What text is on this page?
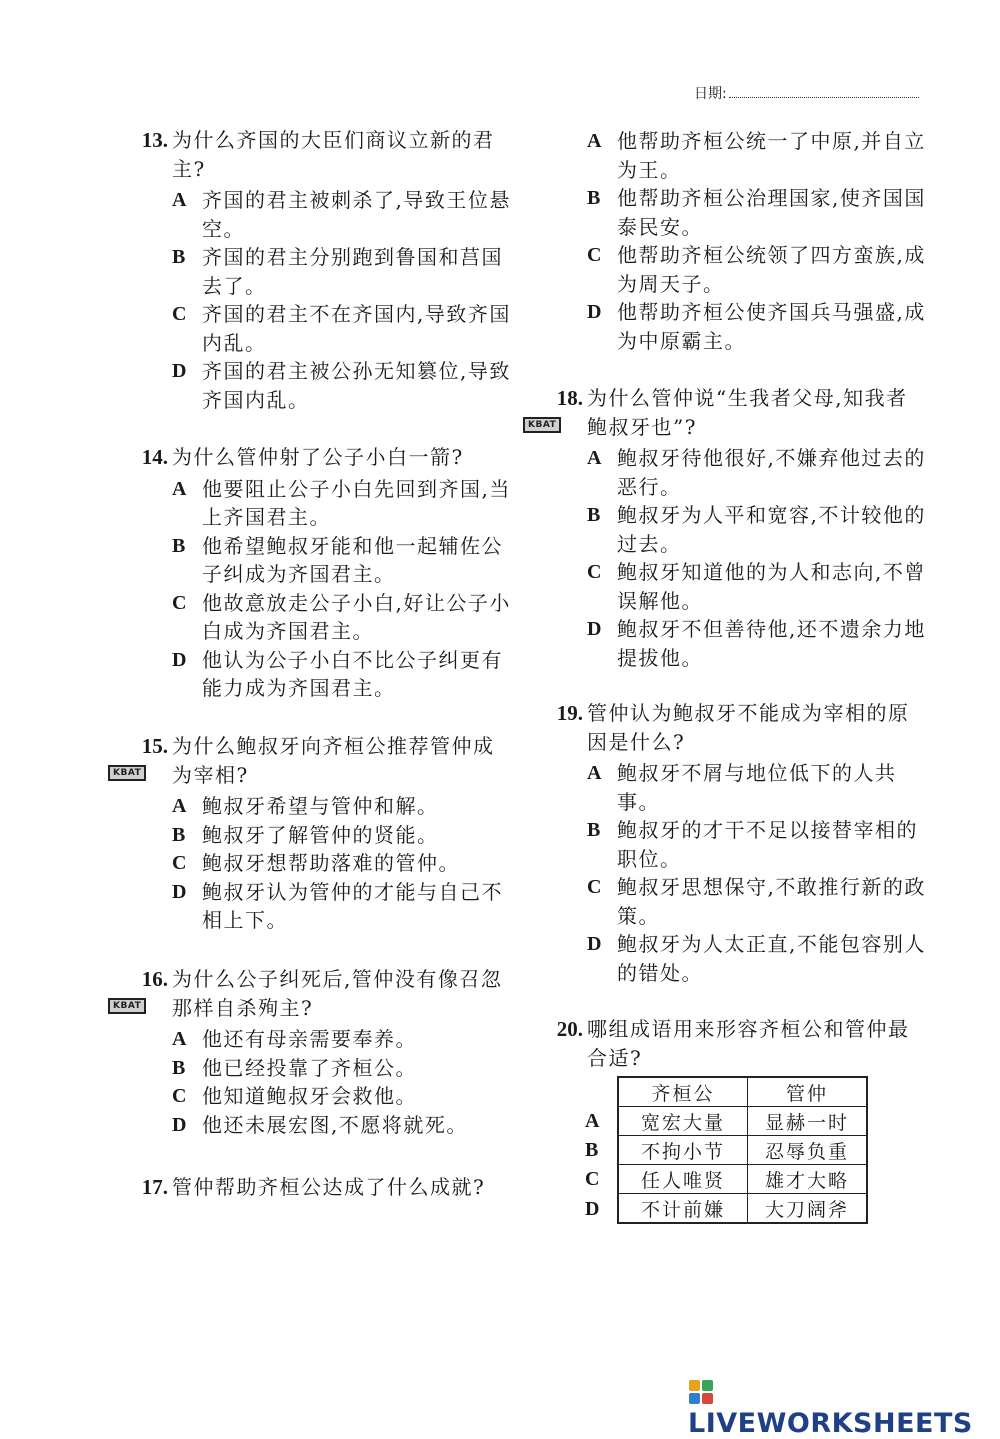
日期:
13. 为什么齐国的大臣们商议立新的君主?

A 齐国的君主被刺杀了,导致王位悬空。
B 齐国的君主分别跑到鲁国和莒国去了。
C 齐国的君主不在齐国内,导致齐国内乱。
D 齐国的君主被公孙无知篡位,导致齐国内乱。
14. 为什么管仲射了公子小白一箭?

A 他要阻止公子小白先回到齐国,当上齐国君主。
B 他希望鲍叔牙能和他一起辅佐公子纠成为齐国君主。
C 他故意放走公子小白,好让公子小白成为齐国君主。
D 他认为公子小白不比公子纠更有能力成为齐国君主。
15.
KBAT

为什么鲍叔牙向齐桓公推荐管仲成为宰相?

A 鲍叔牙希望与管仲和解。
B 鲍叔牙了解管仲的贤能。
C 鲍叔牙想帮助落难的管仲。
D 鲍叔牙认为管仲的才能与自己不相上下。
16.
KBAT

为什么公子纠死后,管仲没有像召忽那样自杀殉主?

A 他还有母亲需要奉养。
B 他已经投靠了齐桓公。
C 他知道鲍叔牙会救他。
D 他还未展宏图,不愿将就死。
17. 管仲帮助齐桓公达成了什么成就?

A 他帮助齐桓公统一了中原,并自立为王。
B 他帮助齐桓公治理国家,使齐国国泰民安。
C 他帮助齐桓公统领了四方蛮族,成为周天子。
D 他帮助齐桓公使齐国兵马强盛,成为中原霸主。
18.
KBAT

为什么管仲说“生我者父母,知我者鲍叔牙也”?

A 鲍叔牙待他很好,不嫌弃他过去的恶行。
B 鲍叔牙为人平和宽容,不计较他的过去。
C 鲍叔牙知道他的为人和志向,不曾误解他。
D 鲍叔牙不但善待他,还不遗余力地提拔他。
19. 管仲认为鲍叔牙不能成为宰相的原因是什么?

A 鲍叔牙不屑与地位低下的人共事。
B 鲍叔牙的才干不足以接替宰相的职位。
C 鲍叔牙思想保守,不敢推行新的政策。
D 鲍叔牙为人太正直,不能包容别人的错处。
20. 哪组成语用来形容齐桓公和管仲最合适?

A
B
C
D
齐桓公	管仲
宽宏大量	显赫一时
不拘小节	忍辱负重
任人唯贤	雄才大略
不计前嫌	大刀阔斧
LIVEWORKSHEETS
